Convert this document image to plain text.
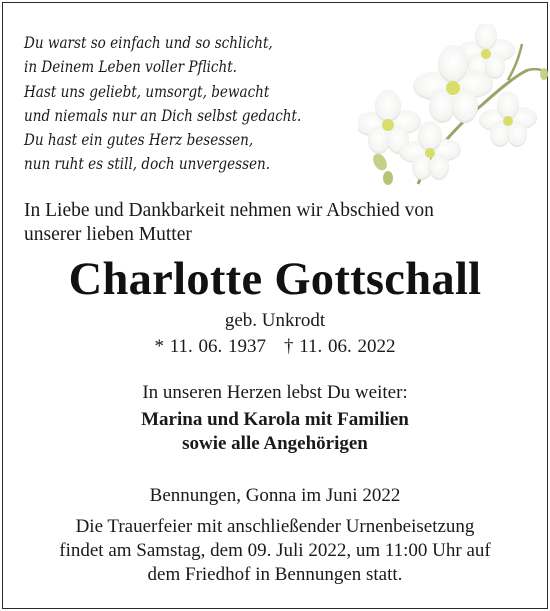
Du warst so einfach und so schlicht,
in Deinem Leben voller Pflicht.
Hast uns geliebt, umsorgt, bewacht
und niemals nur an Dich selbst gedacht.
Du hast ein gutes Herz besessen,
nun ruht es still, doch unvergessen.
In Liebe und Dankbarkeit nehmen wir Abschied von
unserer lieben Mutter
Charlotte Gottschall
geb. Unkrodt
* 11. 06. 1937 † 11. 06. 2022
In unseren Herzen lebst Du weiter:
Marina und Karola mit Familien
sowie alle Angehörigen
Bennungen, Gonna im Juni 2022
Die Trauerfeier mit anschließender Urnenbeisetzung
findet am Samstag, dem 09. Juli 2022, um 11:00 Uhr auf
dem Friedhof in Bennungen statt.
